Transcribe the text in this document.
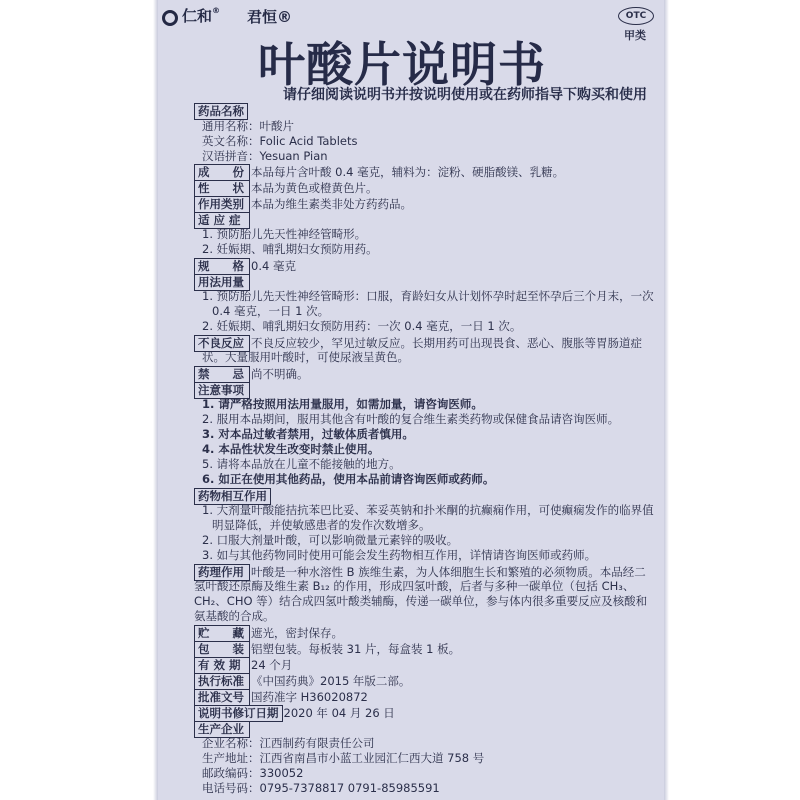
仁和® 君恒®	OTC
甲类
叶酸片说明书
请仔细阅读说明书并按说明使用或在药师指导下购买和使用
药品名称
通用名称：叶酸片
英文名称：Folic Acid Tablets
汉语拼音：Yesuan Pian
成　　份 本品每片含叶酸 0.4 毫克，辅料为：淀粉、硬脂酸镁、乳糖。
性　　状 本品为黄色或橙黄色片。
作用类别 本品为维生素类非处方药药品。
适 应 症
1. 预防胎儿先天性神经管畸形。
2. 妊娠期、哺乳期妇女预防用药。
规　　格 0.4 毫克
用法用量
1. 预防胎儿先天性神经管畸形：口服，育龄妇女从计划怀孕时起至怀孕后三个月末，一次
0.4 毫克，一日 1 次。
2. 妊娠期、哺乳期妇女预防用药：一次 0.4 毫克，一日 1 次。
不良反应 不良反应较少，罕见过敏反应。长期用药可出现畏食、恶心、腹胀等胃肠道症
状。大量服用叶酸时，可使尿液呈黄色。
禁　　忌 尚不明确。
注意事项
1. 请严格按照用法用量服用，如需加量，请咨询医师。
2. 服用本品期间，服用其他含有叶酸的复合维生素类药物或保健食品请咨询医师。
3. 对本品过敏者禁用，过敏体质者慎用。
4. 本品性状发生改变时禁止使用。
5. 请将本品放在儿童不能接触的地方。
6. 如正在使用其他药品，使用本品前请咨询医师或药师。
药物相互作用
1. 大剂量叶酸能拮抗苯巴比妥、苯妥英钠和扑米酮的抗癫痫作用，可使癫痫发作的临界值
明显降低，并使敏感患者的发作次数增多。
2. 口服大剂量叶酸，可以影响微量元素锌的吸收。
3. 如与其他药物同时使用可能会发生药物相互作用，详情请咨询医师或药师。
药理作用 叶酸是一种水溶性 B 族维生素，为人体细胞生长和繁殖的必须物质。本品经二
氢叶酸还原酶及维生素 B₁₂ 的作用，形成四氢叶酸，后者与多种一碳单位（包括 CH₃、
CH₂、CHO 等）结合成四氢叶酸类辅酶，传递一碳单位，参与体内很多重要反应及核酸和
氨基酸的合成。
贮　　藏 遮光，密封保存。
包　　装 铝塑包装。每板装 31 片，每盒装 1 板。
有 效 期 24 个月
执行标准 《中国药典》2015 年版二部。
批准文号 国药准字 H36020872
说明书修订日期 2020 年 04 月 26 日
生产企业
企业名称：江西制药有限责任公司
生产地址：江西省南昌市小蓝工业园汇仁西大道 758 号
邮政编码：330052
电话号码：0795-7378817 0791-85985591
